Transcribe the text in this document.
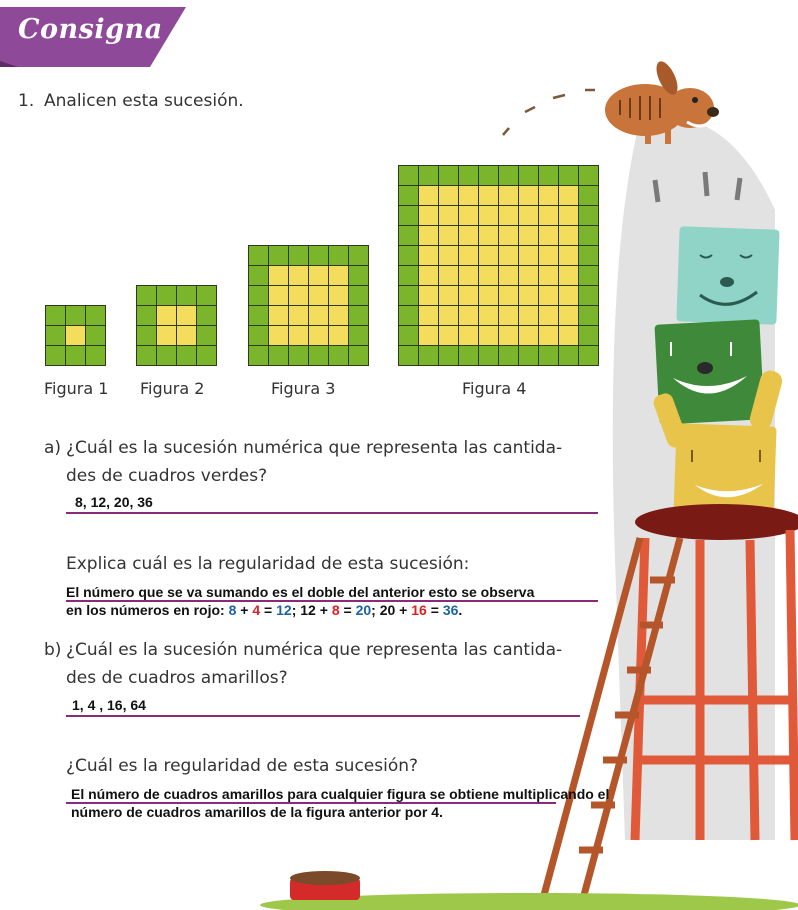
Consigna
1. Analicen esta sucesión.
Figura 1 Figura 2	Figura 3	Figura 4
a) ¿Cuál es la sucesión numérica que representa las cantida-
des de cuadros verdes?
8, 12, 20, 36
Explica cuál es la regularidad de esta sucesión:
El número que se va sumando es el doble del anterior esto se observa
en los números en rojo: 8 + 4 = 12; 12 + 8 = 20; 20 + 16 = 36.
b) ¿Cuál es la sucesión numérica que representa las cantida-
des de cuadros amarillos?
1, 4 , 16, 64
¿Cuál es la regularidad de esta sucesión?
El número de cuadros amarillos para cualquier figura se obtiene multiplicando el
número de cuadros amarillos de la figura anterior por 4.
